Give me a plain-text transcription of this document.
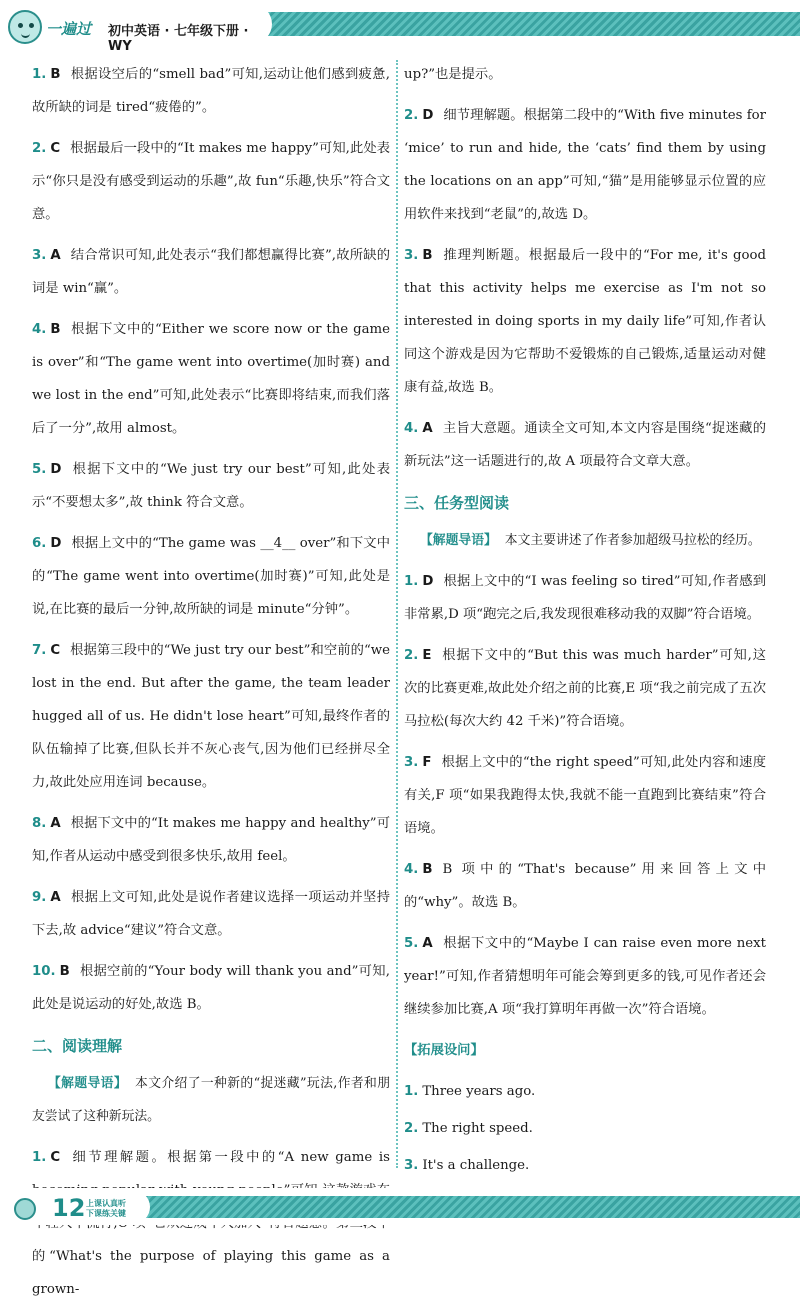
一遍过 初中英语 · 七年级下册 · WY
1. B 根据设空后的“smell bad”可知,运动让他们感到疲惫,故所缺的词是 tired“疲倦的”。
2. C 根据最后一段中的“It makes me happy”可知,此处表示“你只是没有感受到运动的乐趣”,故 fun“乐趣,快乐”符合文意。
3. A 结合常识可知,此处表示“我们都想赢得比赛”,故所缺的词是 win“赢”。
4. B 根据下文中的“Either we score now or the game is over”和“The game went into overtime(加时赛) and we lost in the end”可知,此处表示“比赛即将结束,而我们落后了一分”,故用 almost。
5. D 根据下文中的“We just try our best”可知,此处表示“不要想太多”,故 think 符合文意。
6. D 根据上文中的“The game was __4__ over”和下文中的“The game went into overtime(加时赛)”可知,此处是说,在比赛的最后一分钟,故所缺的词是 minute“分钟”。
7. C 根据第三段中的“We just try our best”和空前的“we lost in the end. But after the game, the team leader hugged all of us. He didn't lose heart”可知,最终作者的队伍输掉了比赛,但队长并不灰心丧气,因为他们已经拼尽全力,故此处应用连词 because。
8. A 根据下文中的“It makes me happy and healthy”可知,作者从运动中感受到很多快乐,故用 feel。
9. A 根据上文可知,此处是说作者建议选择一项运动并坚持下去,故 advice“建议”符合文意。
10. B 根据空前的“Your body will thank you and”可知,此处是说运动的好处,故选 B。
二、阅读理解
【解题导语】 本文介绍了一种新的“捉迷藏”玩法,作者和朋友尝试了这种新玩法。
1. C 细节理解题。根据第一段中的“A new game is 的“What's the purpose of playing this game as a grown-
up?”也是提示。
2. D 细节理解题。根据第二段中的“With five minutes for ‘mice’ to run and hide, the ‘cats’ find them by using the locations on an app”可知,“猫”是用能够显示位置的应用软件来找到“老鼠”的,故选 D。
3. B 推理判断题。根据最后一段中的“For me, it's good that this activity helps me exercise as I'm not so interested in doing sports in my daily life”可知,作者认同这个游戏是因为它帮助不爱锻炼的自己锻炼,适量运动对健康有益,故选 B。
4. A 主旨大意题。通读全文可知,本文内容是围绕“捉迷藏的新玩法”这一话题进行的,故 A 项最符合文章大意。
三、任务型阅读
【解题导语】 本文主要讲述了作者参加超级马拉松的经历。
1. D 根据上文中的“I was feeling so tired”可知,作者感到非常累,D 项“跑完之后,我发现很难移动我的双脚”符合语境。
2. E 根据下文中的“But this was much harder”可知,这次的比赛更难,故此处介绍之前的比赛,E 项“我之前完成了五次马拉松(每次大约 42 千米)”符合语境。
3. F 根据上文中的“the right speed”可知,此处内容和速度有关,F 项“如果我跑得太快,我就不能一直跑到比赛结束”符合语境。
4. B B 项中的“That's because”用来回答上文中的“why”。故选 B。
5. A 根据下文中的“Maybe I can raise even more next year!”可知,作者猜想明年可能会筹到更多的钱,可见作者还会继续参加比赛,A 项“我打算明年再做一次”符合语境。
【拓展设问】
1. Three years ago.
2. The right speed.
3. It's a challenge.
12 上课认真听
下课练关键
